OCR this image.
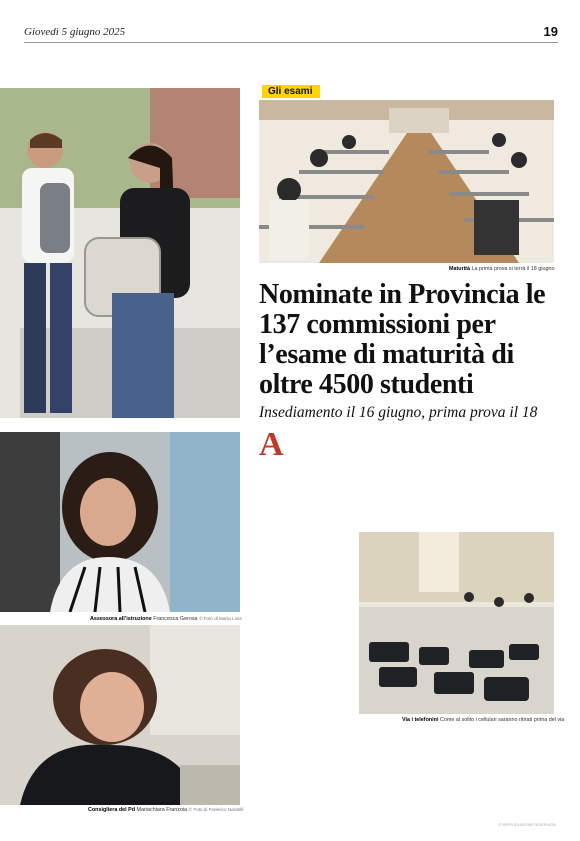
Giovedì 5 giugno 2025	19
Maturità La prima prova si terrà il 18 giugno
Assessora all’istruzione Francesca Gerosa © Foto di Marta Loss
Consigliera del Pd Mariachiara Franzoia © Foto di Federico Nardelli
Gli esami
Nominate in Provincia le 137 commissioni per l’esame di maturità di oltre 4500 studenti
Insediamento il 16 giugno, prima prova il 18
A
Via i telefonini Come al solito i cellulari saranno ritirati prima del via
© RIPRODUZIONE RISERVATA
